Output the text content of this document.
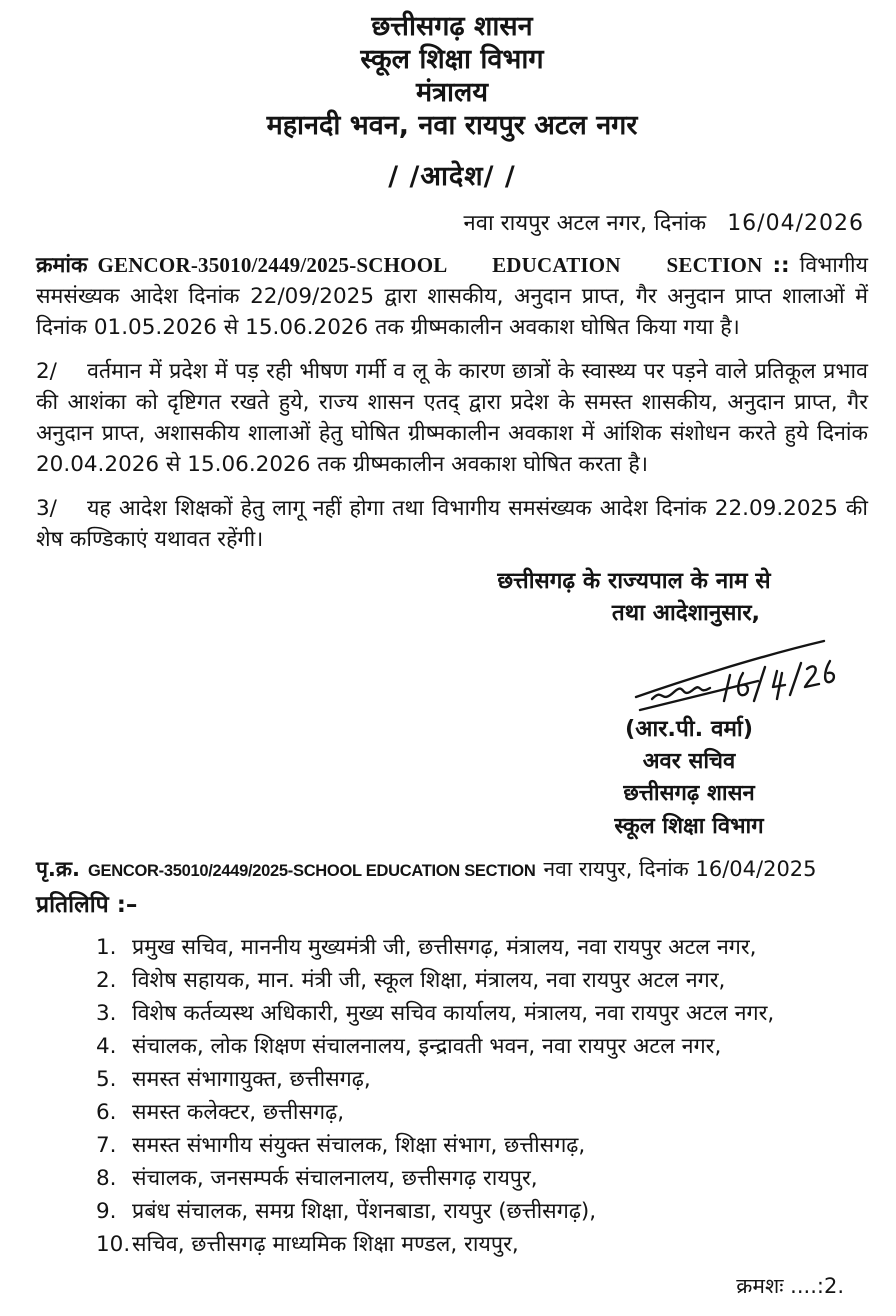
छत्तीसगढ़ शासन
स्कूल शिक्षा विभाग
मंत्रालय
महानदी भवन, नवा रायपुर अटल नगर
/ /आदेश/ /
नवा रायपुर अटल नगर, दिनांक 16/04/2026

क्रमांक GENCOR-35010/2449/2025-SCHOOL EDUCATION SECTION :: विभागीय समसंख्यक आदेश दिनांक 22/09/2025 द्वारा शासकीय, अनुदान प्राप्त, गैर अनुदान प्राप्त शालाओं में दिनांक 01.05.2026 से 15.06.2026 तक ग्रीष्मकालीन अवकाश घोषित किया गया है।

2/ वर्तमान में प्रदेश में पड़ रही भीषण गर्मी व लू के कारण छात्रों के स्वास्थ्य पर पड़ने वाले प्रतिकूल प्रभाव की आशंका को दृष्टिगत रखते हुये, राज्य शासन एतद् द्वारा प्रदेश के समस्त शासकीय, अनुदान प्राप्त, गैर अनुदान प्राप्त, अशासकीय शालाओं हेतु घोषित ग्रीष्मकालीन अवकाश में आंशिक संशोधन करते हुये दिनांक 20.04.2026 से 15.06.2026 तक ग्रीष्मकालीन अवकाश घोषित करता है।

3/ यह आदेश शिक्षकों हेतु लागू नहीं होगा तथा विभागीय समसंख्यक आदेश दिनांक 22.09.2025 की शेष कण्डिकाएं यथावत रहेंगी।

छत्तीसगढ़ के राज्यपाल के नाम से
तथा आदेशानुसार,
(आर.पी. वर्मा)
अवर सचिव
छत्तीसगढ़ शासन
स्कूल शिक्षा विभाग
पृ.क्र. GENCOR-35010/2449/2025-SCHOOL EDUCATION SECTION नवा रायपुर, दिनांक 16/04/2025
प्रतिलिपि :–
1. प्रमुख सचिव, माननीय मुख्यमंत्री जी, छत्तीसगढ़, मंत्रालय, नवा रायपुर अटल नगर,
2. विशेष सहायक, मान. मंत्री जी, स्कूल शिक्षा, मंत्रालय, नवा रायपुर अटल नगर,
3. विशेष कर्तव्यस्थ अधिकारी, मुख्य सचिव कार्यालय, मंत्रालय, नवा रायपुर अटल नगर,
4. संचालक, लोक शिक्षण संचालनालय, इन्द्रावती भवन, नवा रायपुर अटल नगर,
5. समस्त संभागायुक्त, छत्तीसगढ़,
6. समस्त कलेक्टर, छत्तीसगढ़,
7. समस्त संभागीय संयुक्त संचालक, शिक्षा संभाग, छत्तीसगढ़,
8. संचालक, जनसम्पर्क संचालनालय, छत्तीसगढ़ रायपुर,
9. प्रबंध संचालक, समग्र शिक्षा, पेंशनबाडा, रायपुर (छत्तीसगढ़),
10. सचिव, छत्तीसगढ़ माध्यमिक शिक्षा मण्डल, रायपुर,
क्रमशः ....:2.
